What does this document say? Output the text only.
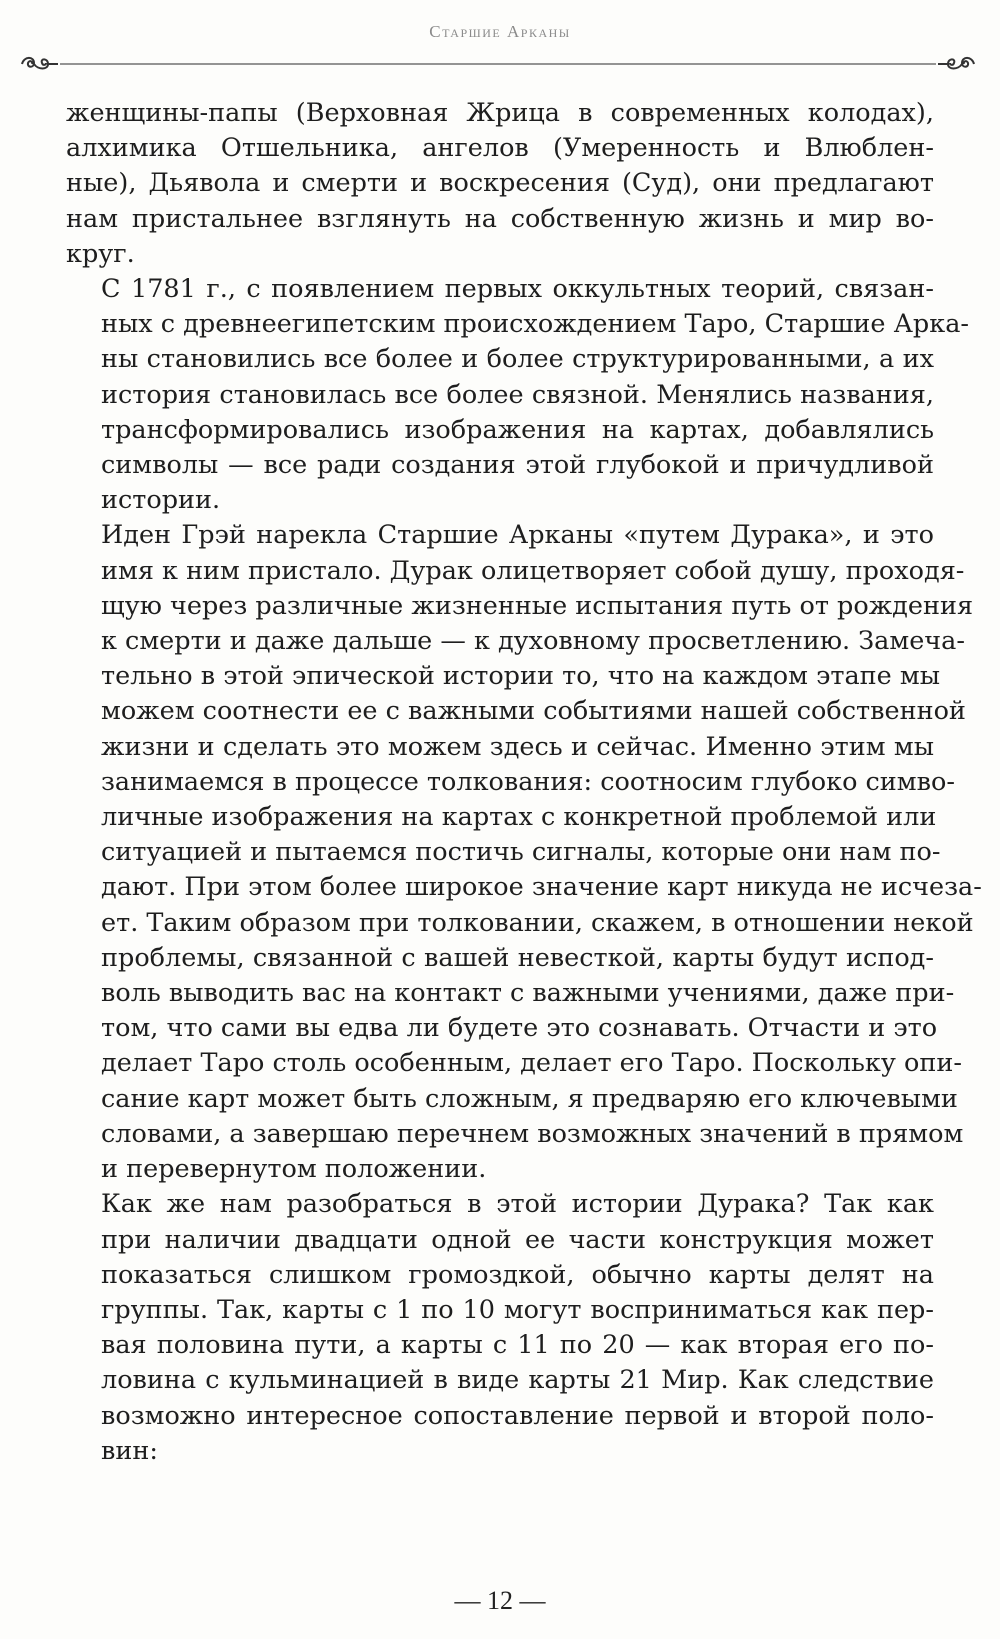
Старшие Арканы

женщины-папы (Верховная Жрица в современных колодах),
алхимика Отшельника, ангелов (Умеренность и Влюблен-
ные), Дьявола и смерти и воскресения (Суд), они предлагают
нам пристальнее взглянуть на собственную жизнь и мир во-
круг.

С 1781 г., с появлением первых оккультных теорий, связан-
ных с древнеегипетским происхождением Таро, Старшие Арка-
ны становились все более и более структурированными, а их
история становилась все более связной. Менялись названия,
трансформировались изображения на картах, добавлялись
символы — все ради создания этой глубокой и причудливой
истории.

Иден Грэй нарекла Старшие Арканы «путем Дурака», и это
имя к ним пристало. Дурак олицетворяет собой душу, проходя-
щую через различные жизненные испытания путь от рождения
к смерти и даже дальше — к духовному просветлению. Замеча-
тельно в этой эпической истории то, что на каждом этапе мы
можем соотнести ее с важными событиями нашей собственной
жизни и сделать это можем здесь и сейчас. Именно этим мы
занимаемся в процессе толкования: соотносим глубоко симво-
личные изображения на картах с конкретной проблемой или
ситуацией и пытаемся постичь сигналы, которые они нам по-
дают. При этом более широкое значение карт никуда не исчеза-
ет. Таким образом при толковании, скажем, в отношении некой
проблемы, связанной с вашей невесткой, карты будут испод-
воль выводить вас на контакт с важными учениями, даже при-
том, что сами вы едва ли будете это сознавать. Отчасти и это
делает Таро столь особенным, делает его Таро. Поскольку опи-
сание карт может быть сложным, я предваряю его ключевыми
словами, а завершаю перечнем возможных значений в прямом
и перевернутом положении.

Как же нам разобраться в этой истории Дурака? Так как
при наличии двадцати одной ее части конструкция может
показаться слишком громоздкой, обычно карты делят на
группы. Так, карты с 1 по 10 могут восприниматься как пер-
вая половина пути, а карты с 11 по 20 — как вторая его по-
ловина с кульминацией в виде карты 21 Мир. Как следствие
возможно интересное сопоставление первой и второй поло-
вин:

— 12 —
